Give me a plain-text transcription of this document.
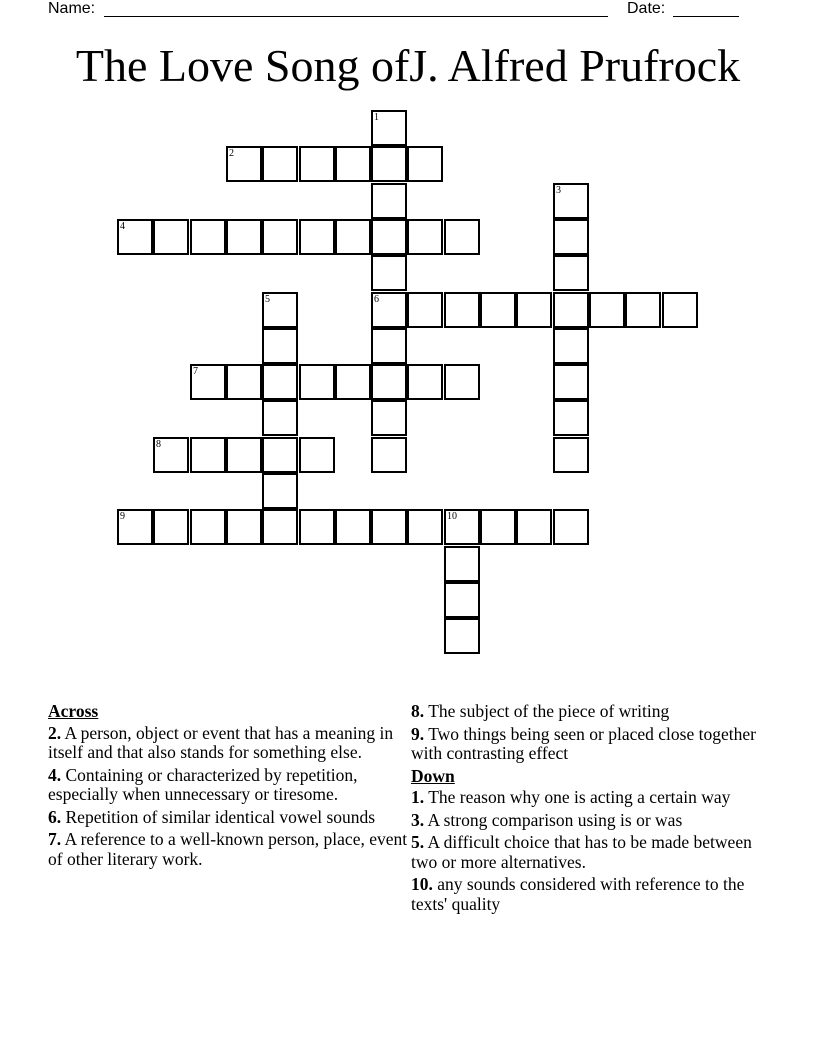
Name:	Date:
The Love Song ofJ. Alfred Prufrock
1
6
2
3
4
5
7
8
9	10
Across
2. A person, object or event that has a meaning in itself and that also stands for something else.
4. Containing or characterized by repetition, especially when unnecessary or tiresome.
6. Repetition of similar identical vowel sounds
7. A reference to a well-known person, place, event of other literary work.
8. The subject of the piece of writing
9. Two things being seen or placed close together with contrasting effect
Down
1. The reason why one is acting a certain way
3. A strong comparison using is or was
5. A difficult choice that has to be made between two or more alternatives.
10. any sounds considered with reference to the texts' quality
